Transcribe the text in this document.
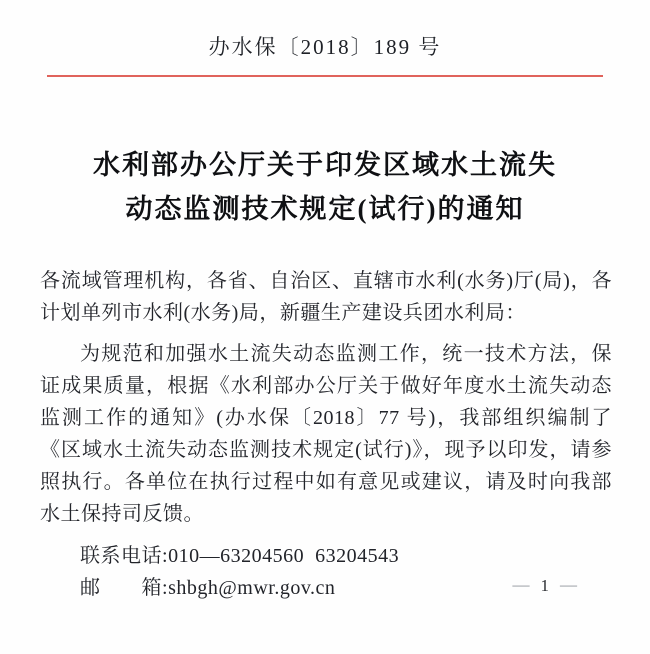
办水保〔2018〕189 号
水利部办公厅关于印发区域水土流失
动态监测技术规定(试行)的通知

各流域管理机构，各省、自治区、直辖市水利(水务)厅(局)，各计划单列市水利(水务)局，新疆生产建设兵团水利局：

为规范和加强水土流失动态监测工作，统一技术方法，保证成果质量，根据《水利部办公厅关于做好年度水土流失动态监测工作的通知》(办水保〔2018〕77 号)，我部组织编制了《区域水土流失动态监测技术规定(试行)》，现予以印发，请参照执行。各单位在执行过程中如有意见或建议，请及时向我部水土保持司反馈。

联系电话:010—63204560 63204543
邮箱:shbgh@mwr.gov.cn	— 1 —
